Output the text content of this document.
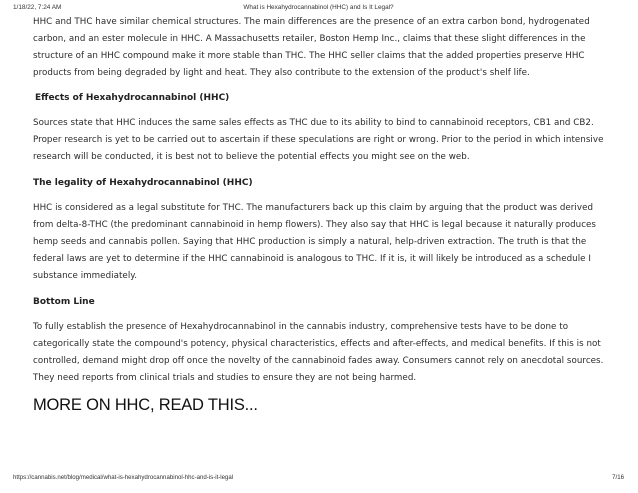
1/18/22, 7:24 AM	What is Hexahydrocannabinol (HHC) and Is It Legal?

HHC and THC have similar chemical structures. The main differences are the presence of an extra carbon bond, hydrogenated carbon, and an ester molecule in HHC. A Massachusetts retailer, Boston Hemp Inc., claims that these slight differences in the structure of an HHC compound make it more stable than THC. The HHC seller claims that the added properties preserve HHC products from being degraded by light and heat. They also contribute to the extension of the product's shelf life.

Effects of Hexahydrocannabinol (HHC)

Sources state that HHC induces the same sales effects as THC due to its ability to bind to cannabinoid receptors, CB1 and CB2. Proper research is yet to be carried out to ascertain if these speculations are right or wrong. Prior to the period in which intensive research will be conducted, it is best not to believe the potential effects you might see on the web.

The legality of Hexahydrocannabinol (HHC)

HHC is considered as a legal substitute for THC. The manufacturers back up this claim by arguing that the product was derived from delta-8-THC (the predominant cannabinoid in hemp flowers). They also say that HHC is legal because it naturally produces hemp seeds and cannabis pollen. Saying that HHC production is simply a natural, help-driven extraction. The truth is that the federal laws are yet to determine if the HHC cannabinoid is analogous to THC. If it is, it will likely be introduced as a schedule I substance immediately.

Bottom Line

To fully establish the presence of Hexahydrocannabinol in the cannabis industry, comprehensive tests have to be done to categorically state the compound's potency, physical characteristics, effects and after-effects, and medical benefits. If this is not controlled, demand might drop off once the novelty of the cannabinoid fades away. Consumers cannot rely on anecdotal sources. They need reports from clinical trials and studies to ensure they are not being harmed.

MORE ON HHC, READ THIS...
https://cannabis.net/blog/medical/what-is-hexahydrocannabinol-hhc-and-is-it-legal	7/16
